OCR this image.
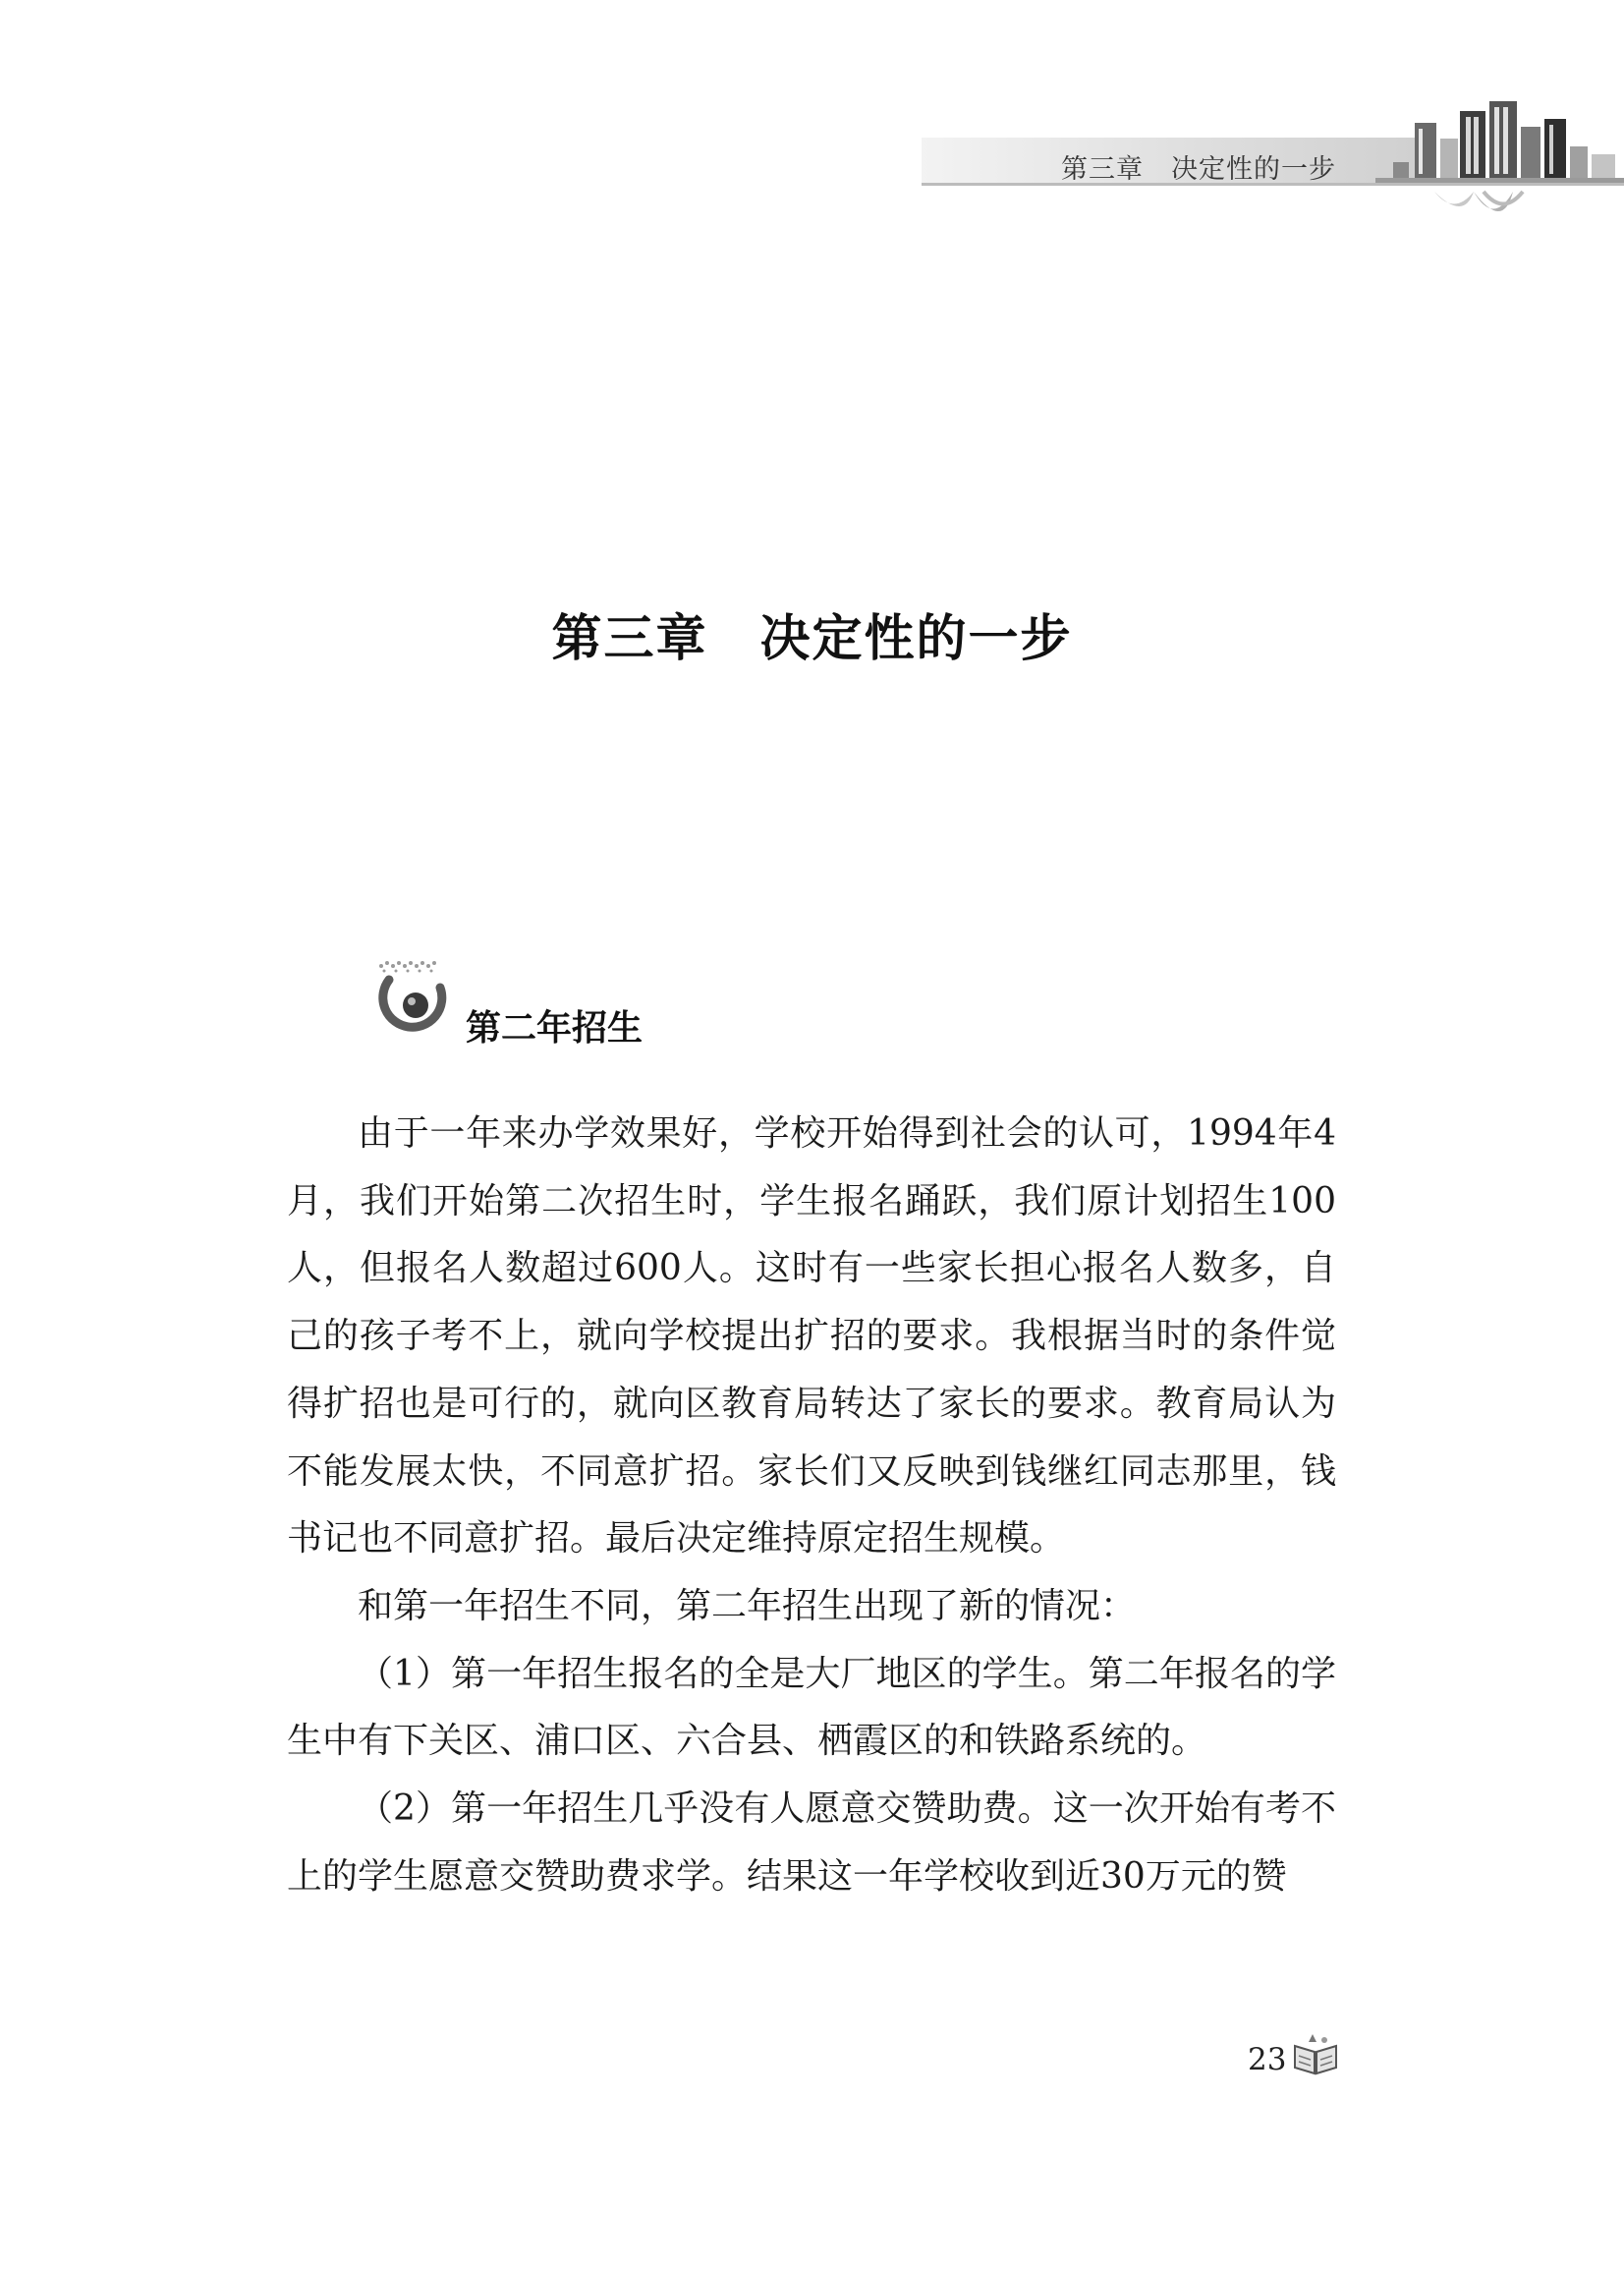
第三章　决定性的一步
第三章　决定性的一步
第二年招生

由于一年来办学效果好，学校开始得到社会的认可，1994年4月，我们开始第二次招生时，学生报名踊跃，我们原计划招生100人，但报名人数超过600人。这时有一些家长担心报名人数多，自己的孩子考不上，就向学校提出扩招的要求。我根据当时的条件觉得扩招也是可行的，就向区教育局转达了家长的要求。教育局认为不能发展太快，不同意扩招。家长们又反映到钱继红同志那里，钱书记也不同意扩招。最后决定维持原定招生规模。

和第一年招生不同，第二年招生出现了新的情况：

（1）第一年招生报名的全是大厂地区的学生。第二年报名的学生中有下关区、浦口区、六合县、栖霞区的和铁路系统的。

（2）第一年招生几乎没有人愿意交赞助费。这一次开始有考不上的学生愿意交赞助费求学。结果这一年学校收到近30万元的赞

23
